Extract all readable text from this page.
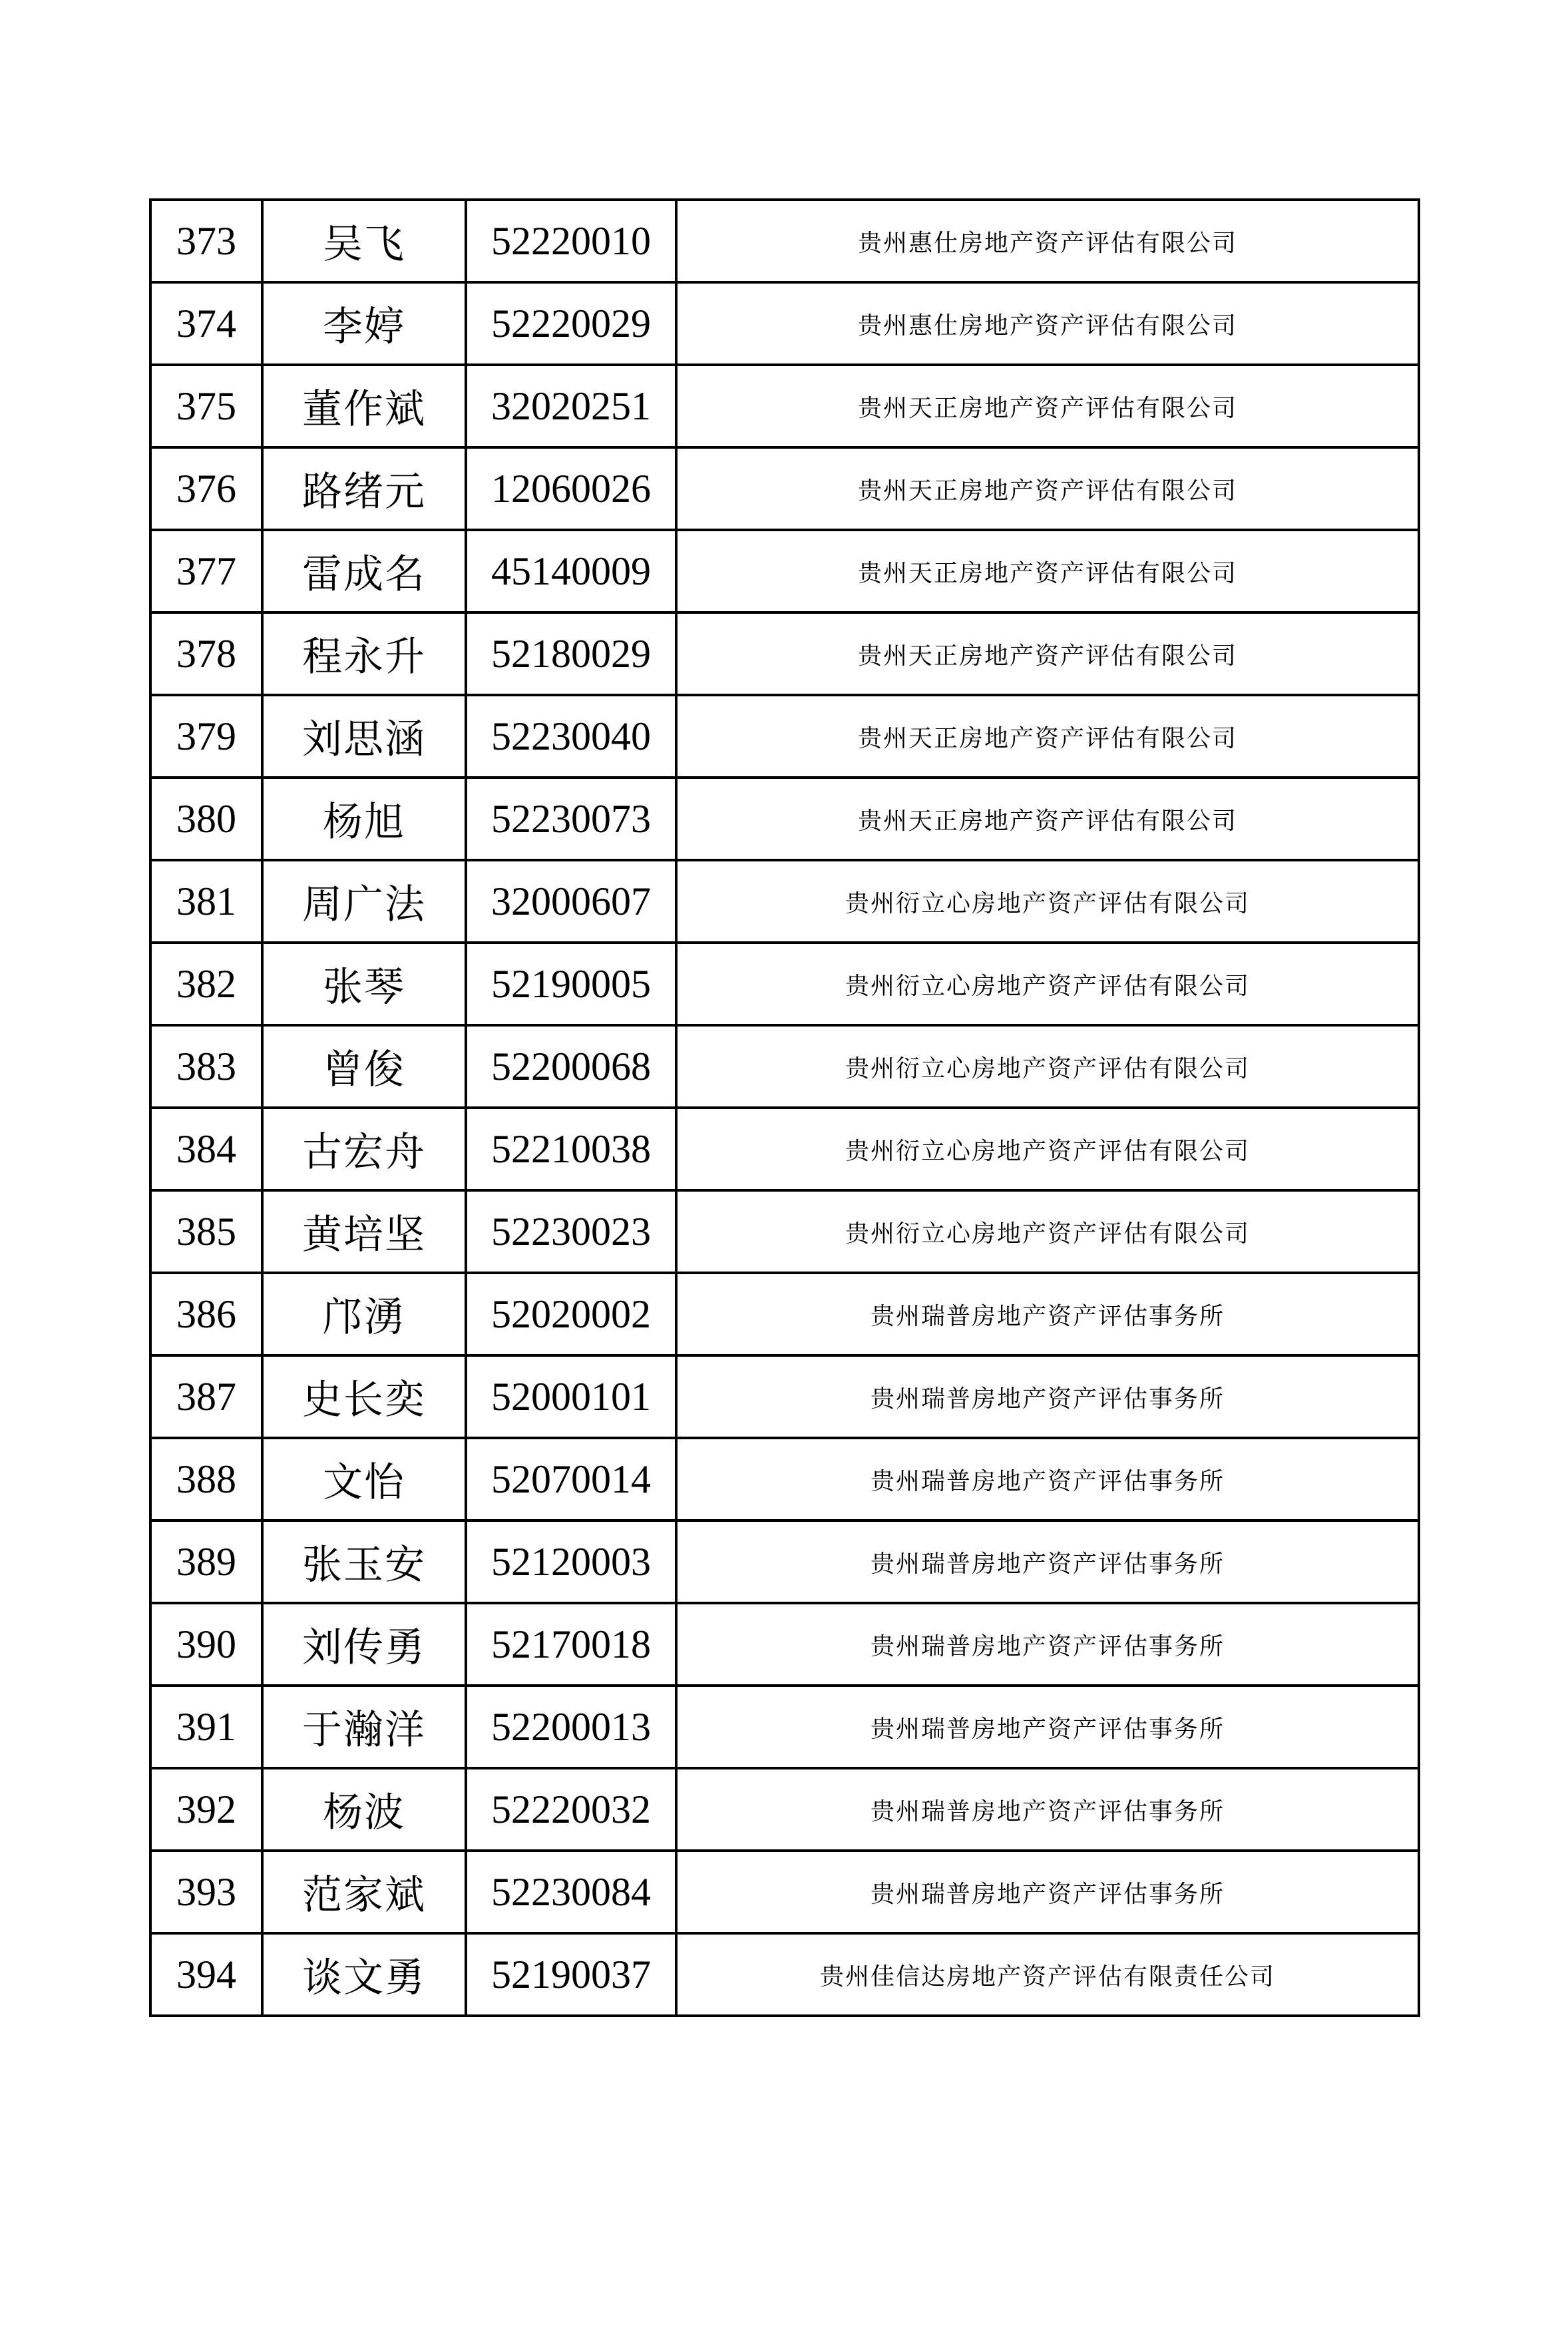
373	吴飞	52220010	贵州惠仕房地产资产评估有限公司
374	李婷	52220029	贵州惠仕房地产资产评估有限公司
375	董作斌	32020251	贵州天正房地产资产评估有限公司
376	路绪元	12060026	贵州天正房地产资产评估有限公司
377	雷成名	45140009	贵州天正房地产资产评估有限公司
378	程永升	52180029	贵州天正房地产资产评估有限公司
379	刘思涵	52230040	贵州天正房地产资产评估有限公司
380	杨旭	52230073	贵州天正房地产资产评估有限公司
381	周广法	32000607	贵州衍立心房地产资产评估有限公司
382	张琴	52190005	贵州衍立心房地产资产评估有限公司
383	曾俊	52200068	贵州衍立心房地产资产评估有限公司
384	古宏舟	52210038	贵州衍立心房地产资产评估有限公司
385	黄培坚	52230023	贵州衍立心房地产资产评估有限公司
386	邝湧	52020002	贵州瑞普房地产资产评估事务所
387	史长奕	52000101	贵州瑞普房地产资产评估事务所
388	文怡	52070014	贵州瑞普房地产资产评估事务所
389	张玉安	52120003	贵州瑞普房地产资产评估事务所
390	刘传勇	52170018	贵州瑞普房地产资产评估事务所
391	于瀚洋	52200013	贵州瑞普房地产资产评估事务所
392	杨波	52220032	贵州瑞普房地产资产评估事务所
393	范家斌	52230084	贵州瑞普房地产资产评估事务所
394	谈文勇	52190037	贵州佳信达房地产资产评估有限责任公司
